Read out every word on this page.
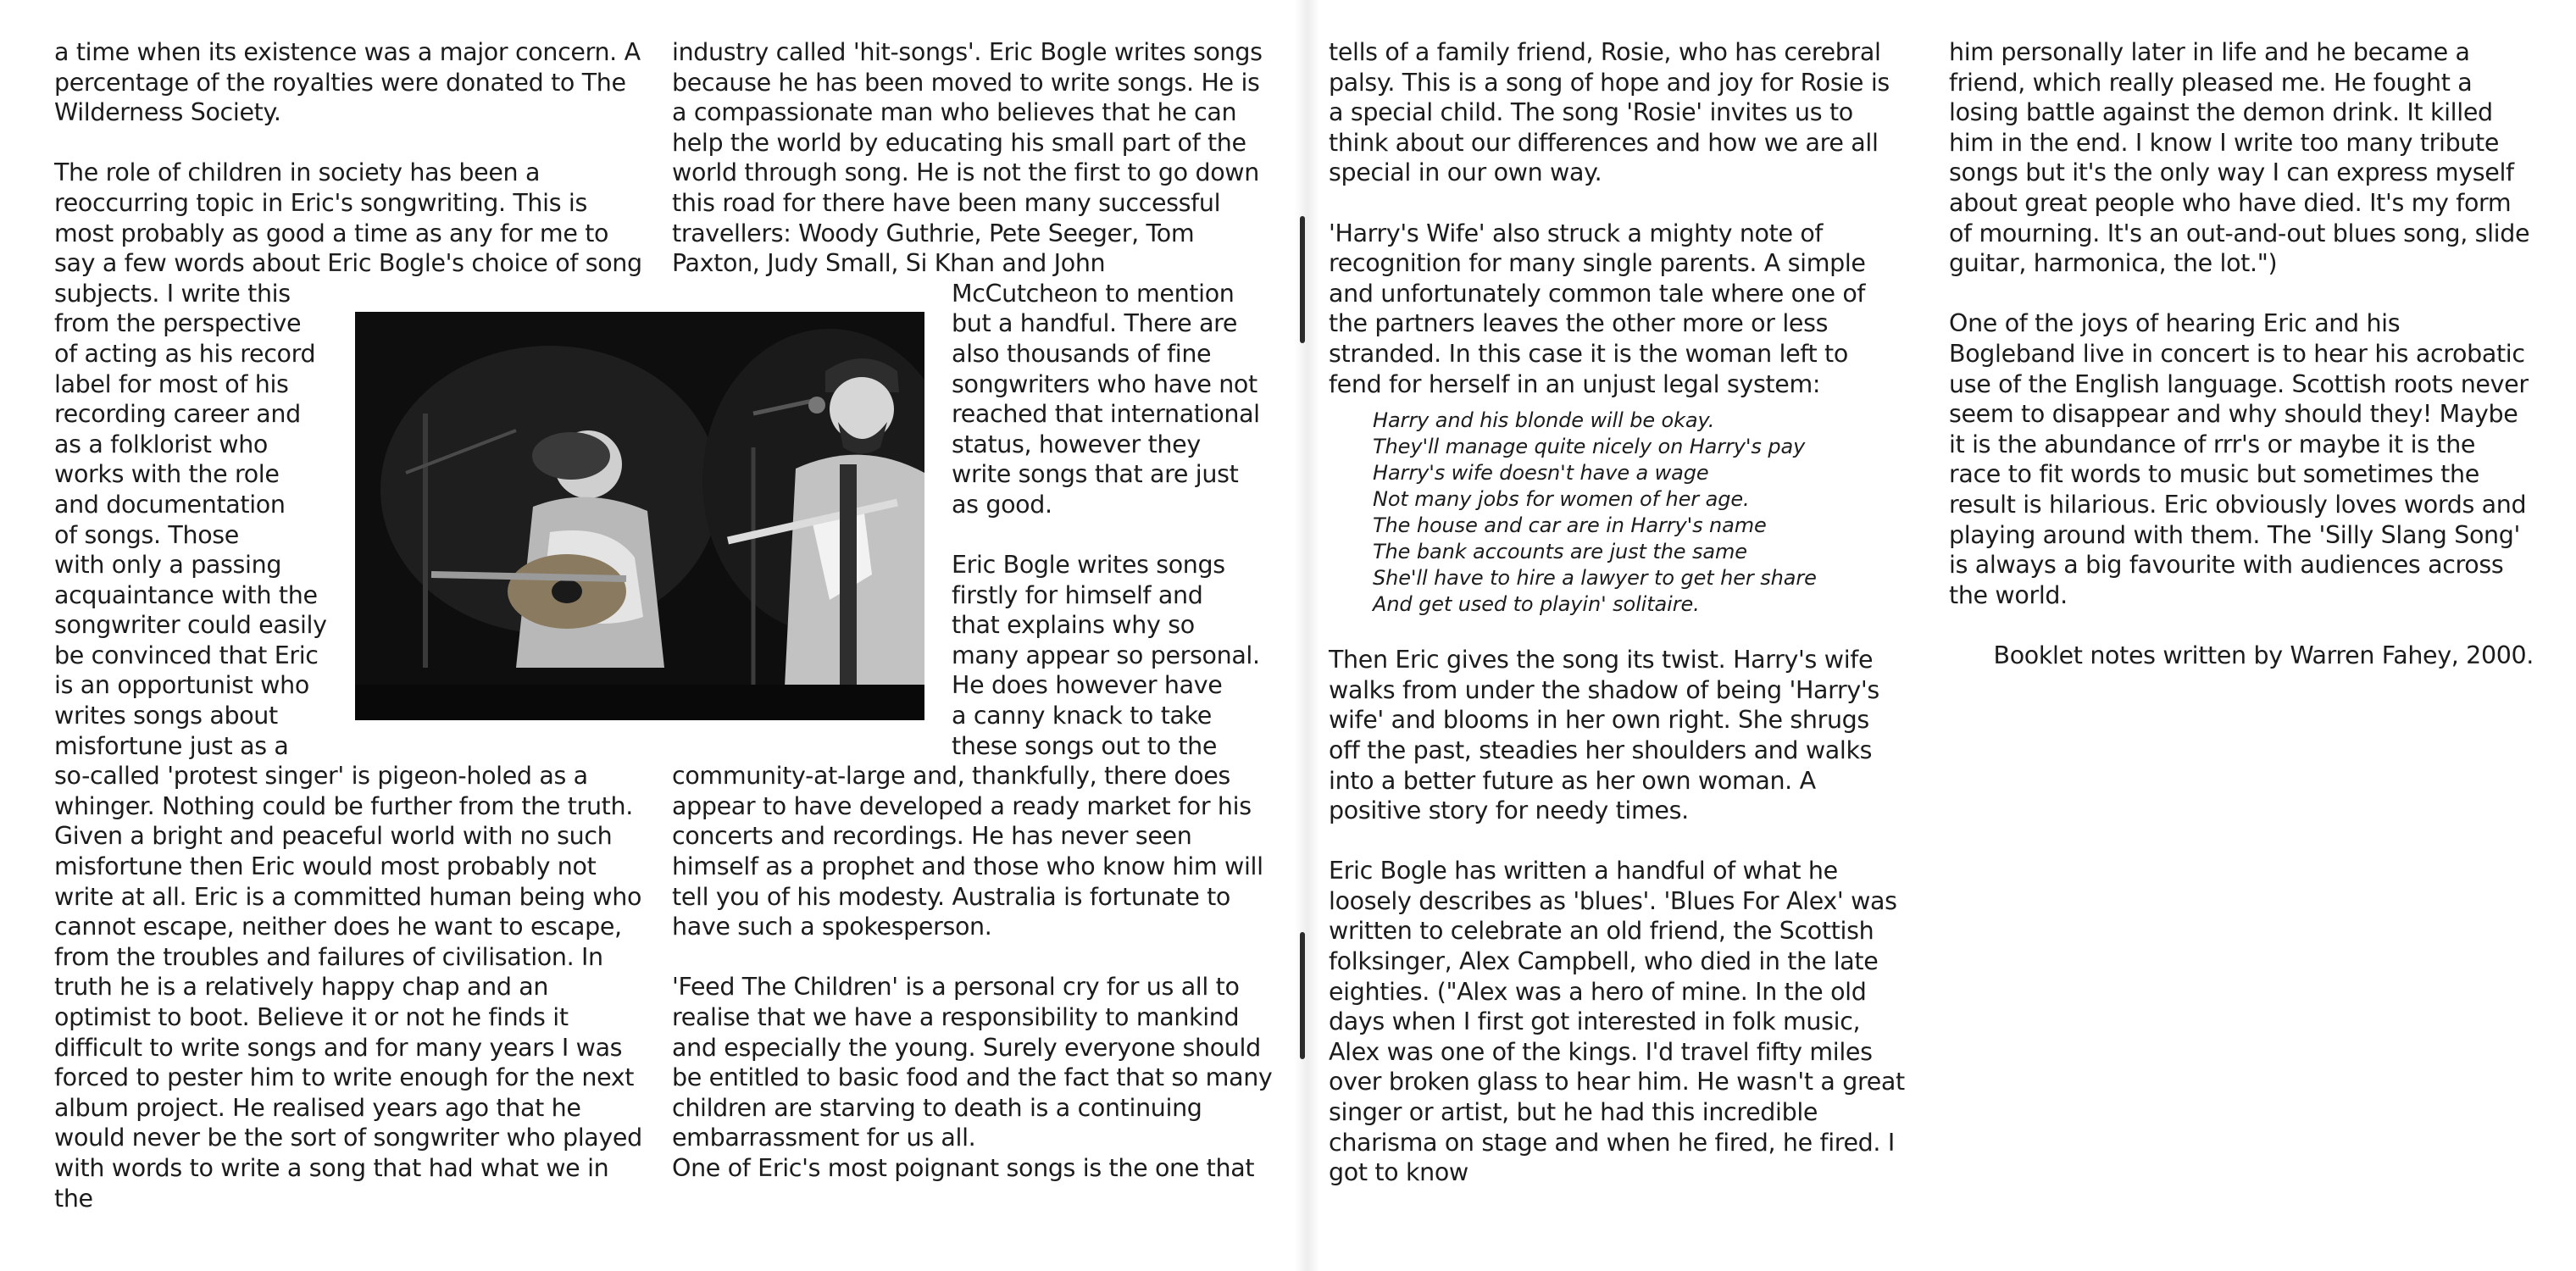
a time when its existence was a major concern. A percentage of the royalties were donated to The Wilderness Society.

The role of children in society has been a reoccurring topic in Eric's songwriting. This is most probably as good a time as any for me to say a few words about Eric Bogle's choice of song

subjects. I write this
from the perspective
of acting as his record
label for most of his
recording career and
as a folklorist who
works with the role
and documentation
of songs. Those
with only a passing
acquaintance with the
songwriter could easily
be convinced that Eric
is an opportunist who
writes songs about
misfortune just as a

so-called 'protest singer' is pigeon-holed as a whinger. Nothing could be further from the truth. Given a bright and peaceful world with no such misfortune then Eric would most probably not write at all. Eric is a committed human being who cannot escape, neither does he want to escape, from the troubles and failures of civilisation. In truth he is a relatively happy chap and an optimist to boot. Believe it or not he finds it difficult to write songs and for many years I was forced to pester him to write enough for the next album project. He realised years ago that he would never be the sort of songwriter who played with words to write a song that had what we in the

industry called 'hit-songs'. Eric Bogle writes songs because he has been moved to write songs. He is a compassionate man who believes that he can help the world by educating his small part of the world through song. He is not the first to go down this road for there have been many successful travellers: Woody Guthrie, Pete Seeger, Tom Paxton, Judy Small, Si Khan and John

McCutcheon to mention
but a handful. There are
also thousands of fine
songwriters who have not
reached that international
status, however they
write songs that are just
as good.
Eric Bogle writes songs
firstly for himself and
that explains why so
many appear so personal.
He does however have
a canny knack to take
these songs out to the

community-at-large and, thankfully, there does appear to have developed a ready market for his concerts and recordings. He has never seen himself as a prophet and those who know him will tell you of his modesty. Australia is fortunate to have such a spokesperson.

'Feed The Children' is a personal cry for us all to realise that we have a responsibility to mankind and especially the young. Surely everyone should be entitled to basic food and the fact that so many children are starving to death is a continuing embarrassment for us all.

One of Eric's most poignant songs is the one that

tells of a family friend, Rosie, who has cerebral palsy. This is a song of hope and joy for Rosie is a special child. The song 'Rosie' invites us to think about our differences and how we are all special in our own way.

'Harry's Wife' also struck a mighty note of recognition for many single parents. A simple and unfortunately common tale where one of the partners leaves the other more or less stranded. In this case it is the woman left to fend for herself in an unjust legal system:

Harry and his blonde will be okay.
They'll manage quite nicely on Harry's pay
Harry's wife doesn't have a wage
Not many jobs for women of her age.
The house and car are in Harry's name
The bank accounts are just the same
She'll have to hire a lawyer to get her share
And get used to playin' solitaire.

Then Eric gives the song its twist. Harry's wife walks from under the shadow of being 'Harry's wife' and blooms in her own right. She shrugs off the past, steadies her shoulders and walks into a better future as her own woman. A positive story for needy times.

Eric Bogle has written a handful of what he loosely describes as 'blues'. 'Blues For Alex' was written to celebrate an old friend, the Scottish folksinger, Alex Campbell, who died in the late eighties. ("Alex was a hero of mine. In the old days when I first got interested in folk music, Alex was one of the kings. I'd travel fifty miles over broken glass to hear him. He wasn't a great singer or artist, but he had this incredible charisma on stage and when he fired, he fired. I got to know

him personally later in life and he became a friend, which really pleased me. He fought a losing battle against the demon drink. It killed him in the end. I know I write too many tribute songs but it's the only way I can express myself about great people who have died. It's my form of mourning. It's an out-and-out blues song, slide guitar, harmonica, the lot.")

One of the joys of hearing Eric and his Bogleband live in concert is to hear his acrobatic use of the English language. Scottish roots never seem to disappear and why should they! Maybe it is the abundance of rrr's or maybe it is the race to fit words to music but sometimes the result is hilarious. Eric obviously loves words and playing around with them. The 'Silly Slang Song' is always a big favourite with audiences across the world.

Booklet notes written by Warren Fahey, 2000.
